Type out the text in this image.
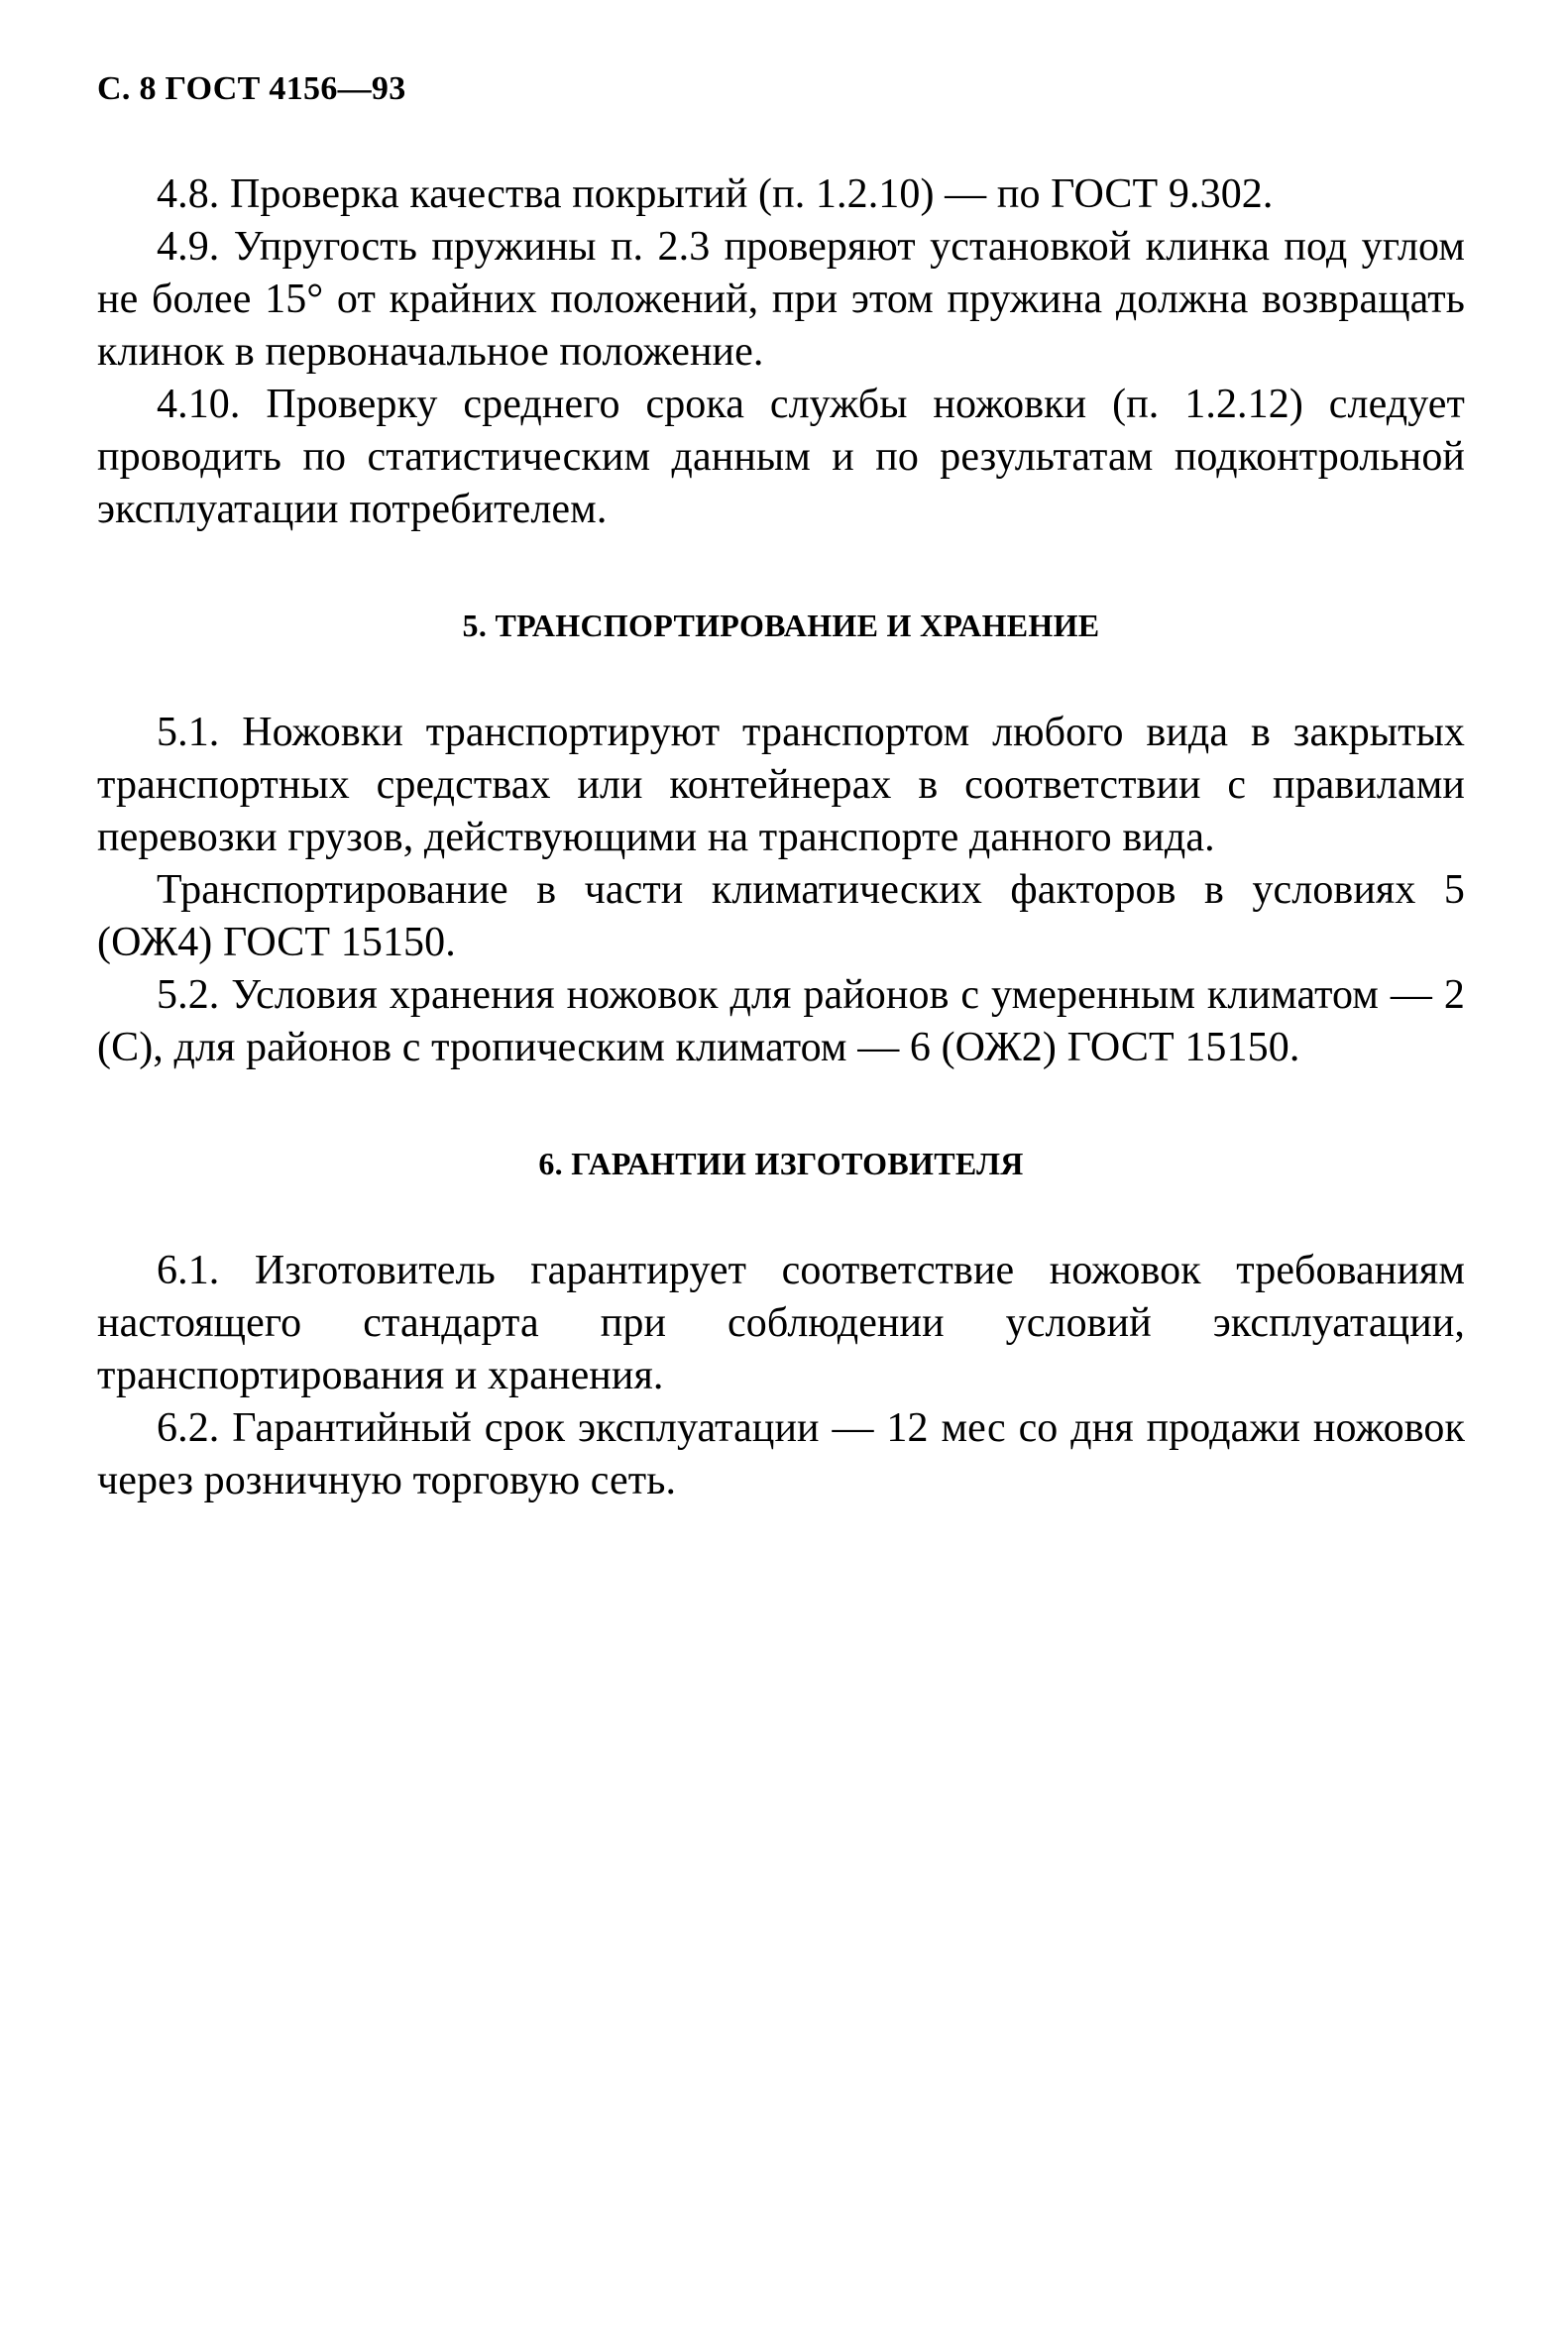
С. 8 ГОСТ 4156—93

4.8. Проверка качества покрытий (п. 1.2.10) — по ГОСТ 9.302.

4.9. Упругость пружины п. 2.3 проверяют установкой клинка под углом не более 15° от крайних положений, при этом пружина должна возвращать клинок в первоначальное положение.

4.10. Проверку среднего срока службы ножовки (п. 1.2.12) следует проводить по статистическим данным и по результатам подконтрольной эксплуатации потребителем.

5. ТРАНСПОРТИРОВАНИЕ И ХРАНЕНИЕ

5.1. Ножовки транспортируют транспортом любого вида в закрытых транспортных средствах или контейнерах в соответствии с правилами перевозки грузов, действующими на транспорте данного вида.

Транспортирование в части климатических факторов в условиях 5 (ОЖ4) ГОСТ 15150.

5.2. Условия хранения ножовок для районов с умеренным климатом — 2 (С), для районов с тропическим климатом — 6 (ОЖ2) ГОСТ 15150.

6. ГАРАНТИИ ИЗГОТОВИТЕЛЯ

6.1. Изготовитель гарантирует соответствие ножовок требованиям настоящего стандарта при соблюдении условий эксплуатации, транспортирования и хранения.

6.2. Гарантийный срок эксплуатации — 12 мес со дня продажи ножовок через розничную торговую сеть.
